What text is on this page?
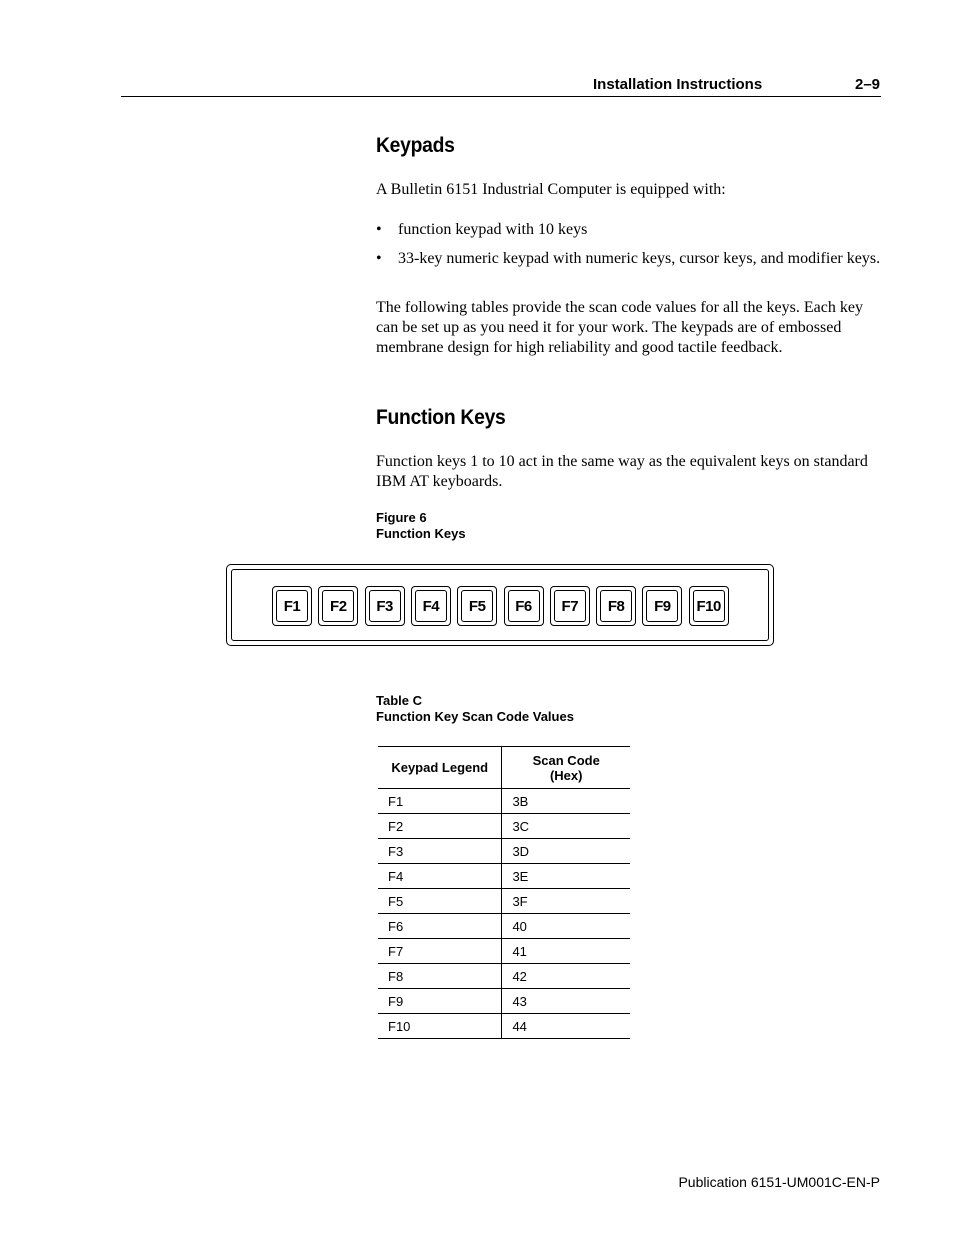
Installation Instructions	2–9
Keypads

A Bulletin 6151 Industrial Computer is equipped with:

• function keypad with 10 keys
• 33-key numeric keypad with numeric keys, cursor keys, and modifier keys.

The following tables provide the scan code values for all the keys. Each key can be set up as you need it for your work. The keypads are of embossed membrane design for high reliability and good tactile feedback.

Function Keys

Function keys 1 to 10 act in the same way as the equivalent keys on standard IBM AT keyboards.

Figure 6
Function Keys
F1	F2	F3	F4	F5	F6	F7	F8	F9	F10
Table C
Function Key Scan Code Values
Keypad Legend	Scan Code (Hex)

F1	3B
F2	3C
F3	3D
F4	3E
F5	3F
F6	40
F7	41
F8	42
F9	43
F10	44
Publication 6151-UM001C-EN-P
